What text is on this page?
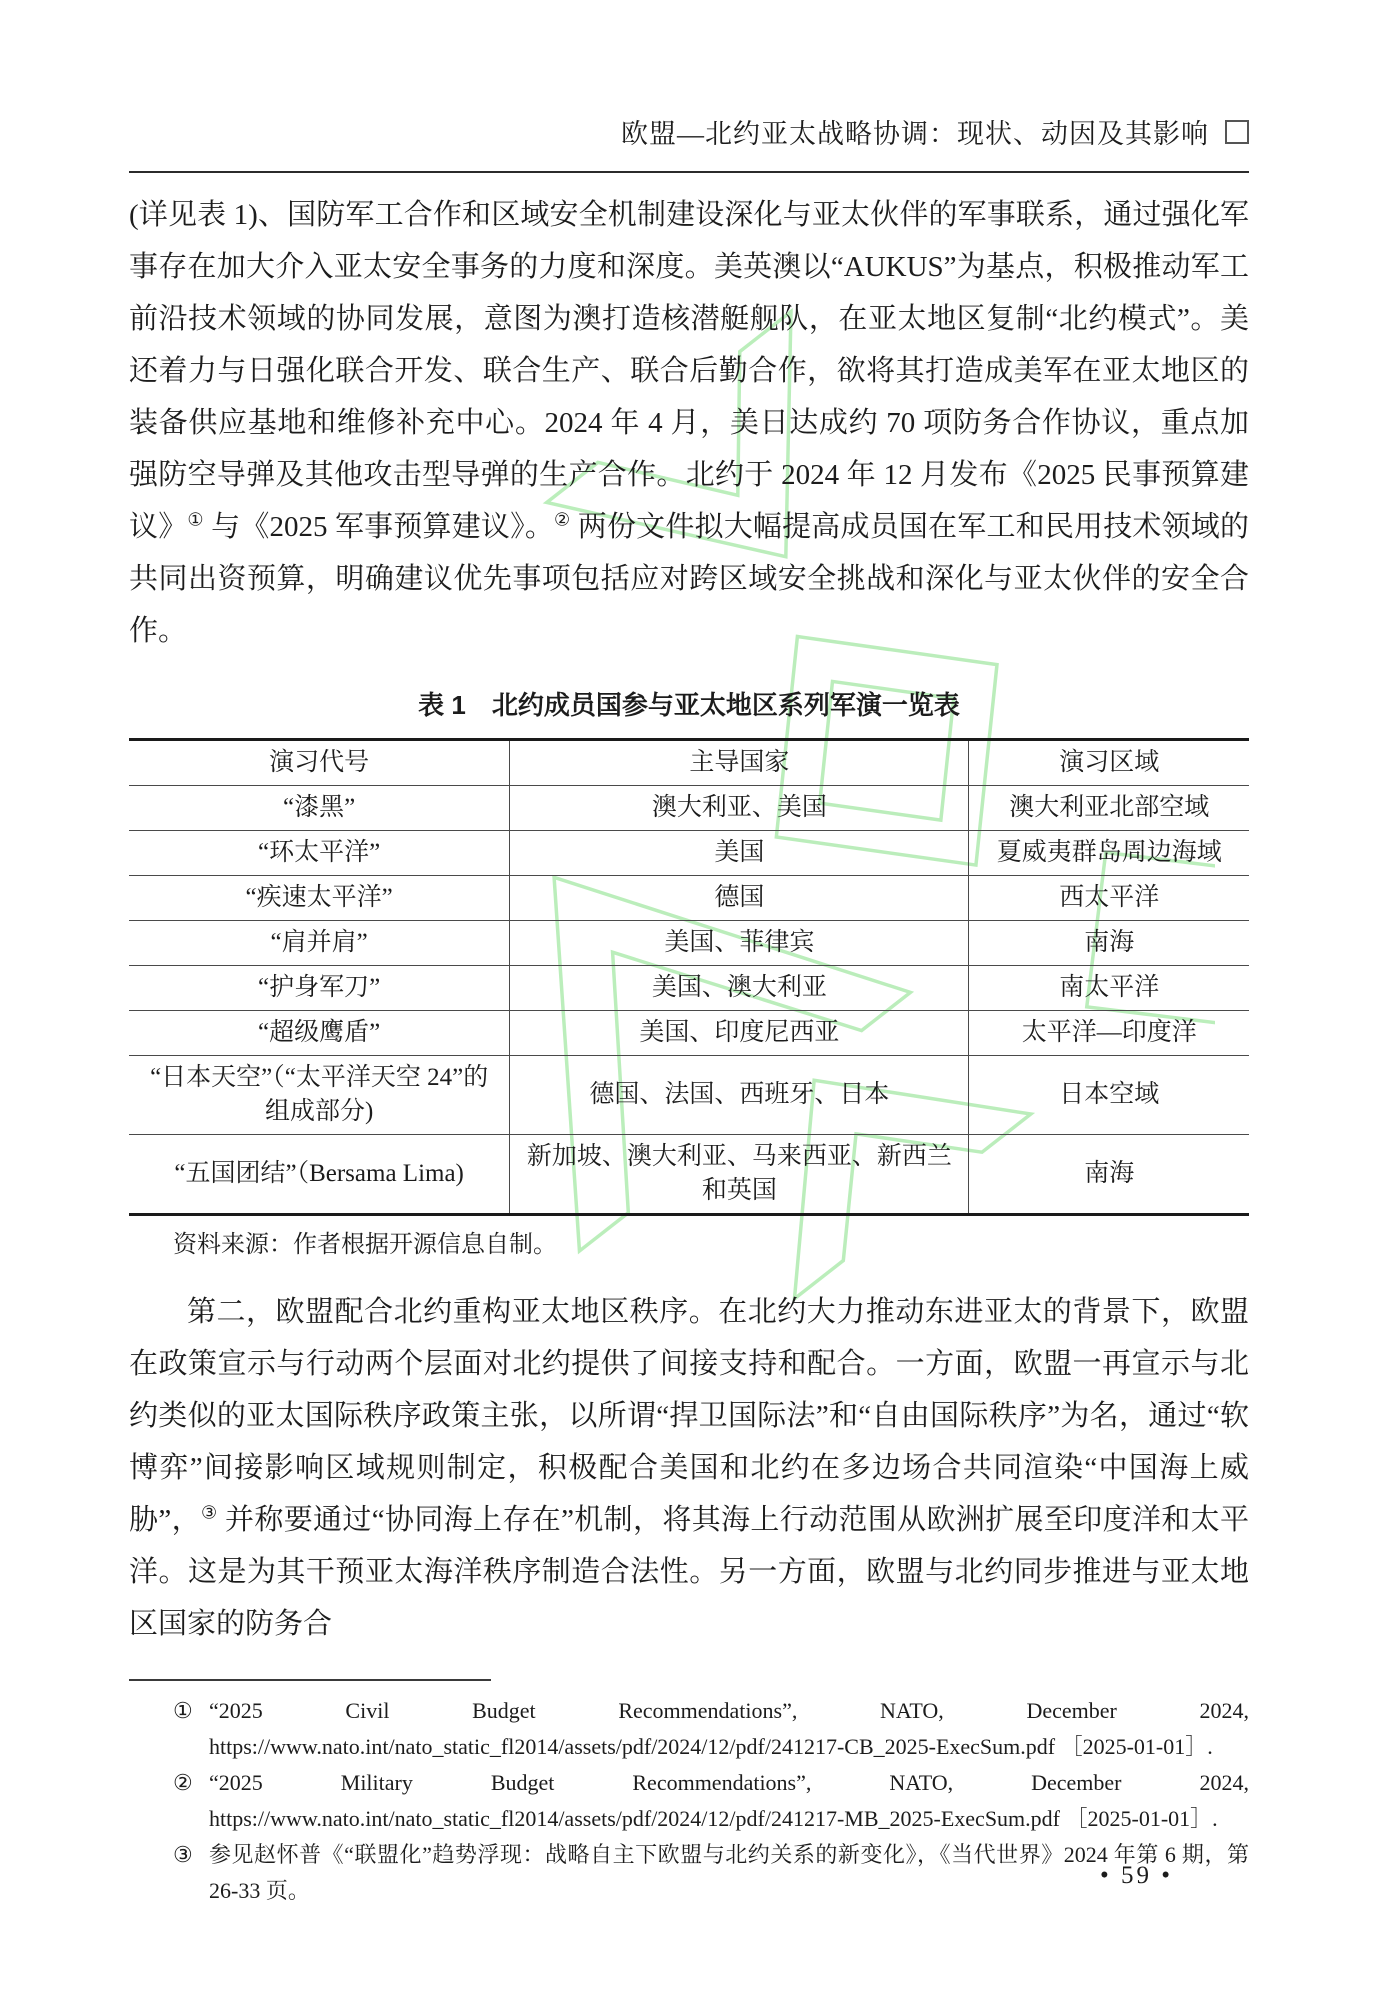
欧盟—北约亚太战略协调：现状、动因及其影响

(详见表 1)、国防军工合作和区域安全机制建设深化与亚太伙伴的军事联系，通过强化军事存在加大介入亚太安全事务的力度和深度。美英澳以“AUKUS”为基点，积极推动军工前沿技术领域的协同发展，意图为澳打造核潜艇舰队，在亚太地区复制“北约模式”。美还着力与日强化联合开发、联合生产、联合后勤合作，欲将其打造成美军在亚太地区的装备供应基地和维修补充中心。2024 年 4 月，美日达成约 70 项防务合作协议，重点加强防空导弹及其他攻击型导弹的生产合作。北约于 2024 年 12 月发布《2025 民事预算建议》① 与《2025 军事预算建议》。② 两份文件拟大幅提高成员国在军工和民用技术领域的共同出资预算，明确建议优先事项包括应对跨区域安全挑战和深化与亚太伙伴的安全合作。

表 1　北约成员国参与亚太地区系列军演一览表
演习代号	主导国家	演习区域
“漆黑”	澳大利亚、美国	澳大利亚北部空域
“环太平洋”	美国	夏威夷群岛周边海域
“疾速太平洋”	德国	西太平洋
“肩并肩”	美国、菲律宾	南海
“护身军刀”	美国、澳大利亚	南太平洋
“超级鹰盾”	美国、印度尼西亚	太平洋—印度洋
“日本天空”（“太平洋天空 24”的组成部分)	德国、法国、西班牙、日本	日本空域
“五国团结”（Bersama Lima)	新加坡、澳大利亚、马来西亚、新西兰和英国	南海
资料来源：作者根据开源信息自制。

第二，欧盟配合北约重构亚太地区秩序。在北约大力推动东进亚太的背景下，欧盟在政策宣示与行动两个层面对北约提供了间接支持和配合。一方面，欧盟一再宣示与北约类似的亚太国际秩序政策主张，以所谓“捍卫国际法”和“自由国际秩序”为名，通过“软博弈”间接影响区域规则制定，积极配合美国和北约在多边场合共同渲染“中国海上威胁”，③ 并称要通过“协同海上存在”机制，将其海上行动范围从欧洲扩展至印度洋和太平洋。这是为其干预亚太海洋秩序制造合法性。另一方面，欧盟与北约同步推进与亚太地区国家的防务合

① “2025 Civil Budget Recommendations”, NATO, December 2024, https://www.nato.int/nato_static_fl2014/assets/pdf/2024/12/pdf/241217-CB_2025-ExecSum.pdf ［2025-01-01］.
② “2025 Military Budget Recommendations”, NATO, December 2024, https://www.nato.int/nato_static_fl2014/assets/pdf/2024/12/pdf/241217-MB_2025-ExecSum.pdf ［2025-01-01］.
③ 参见赵怀普《“联盟化”趋势浮现：战略自主下欧盟与北约关系的新变化》，《当代世界》2024 年第 6 期，第 26-33 页。
• 59 •
